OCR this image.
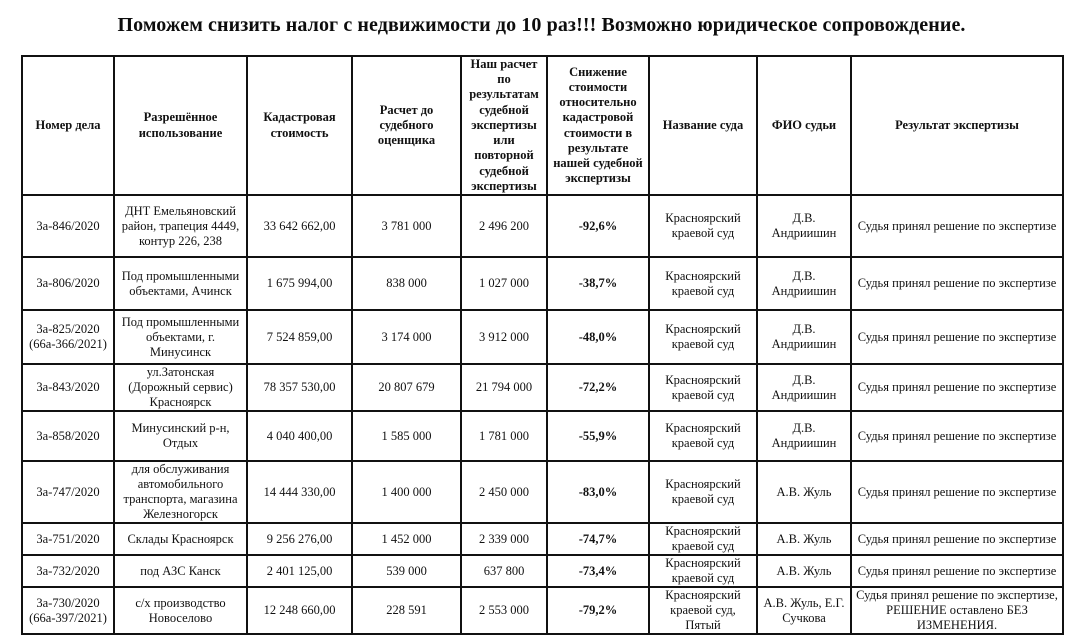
Поможем снизить налог с недвижимости до 10 раз!!! Возможно юридическое сопровождение.
Номер дела	Разрешённое использование	Кадастровая стоимость	Расчет до судебного оценщика	Наш расчет по результатам судебной экспертизы или повторной судебной экспертизы	Снижение стоимости относительно кадастровой стоимости в результате нашей судебной экспертизы	Название суда	ФИО судьи	Результат экспертизы
3а-846/2020	ДНТ Емельяновский район, трапеция 4449, контур 226, 238	33 642 662,00	3 781 000	2 496 200	-92,6%	Красноярский краевой суд	Д.В. Андриишин	Судья принял решение по экспертизе
3а-806/2020	Под промышленными объектами, Ачинск	1 675 994,00	838 000	1 027 000	-38,7%	Красноярский краевой суд	Д.В. Андриишин	Судья принял решение по экспертизе
3а-825/2020 (66а-366/2021)	Под промышленными объектами, г. Минусинск	7 524 859,00	3 174 000	3 912 000	-48,0%	Красноярский краевой суд	Д.В. Андриишин	Судья принял решение по экспертизе
3а-843/2020	ул.Затонская (Дорожный сервис) Красноярск	78 357 530,00	20 807 679	21 794 000	-72,2%	Красноярский краевой суд	Д.В. Андриишин	Судья принял решение по экспертизе
3а-858/2020	Минусинский р-н, Отдых	4 040 400,00	1 585 000	1 781 000	-55,9%	Красноярский краевой суд	Д.В. Андриишин	Судья принял решение по экспертизе
3а-747/2020	для обслуживания автомобильного транспорта, магазина Железногорск	14 444 330,00	1 400 000	2 450 000	-83,0%	Красноярский краевой суд	А.В. Жуль	Судья принял решение по экспертизе
3а-751/2020	Склады Красноярск	9 256 276,00	1 452 000	2 339 000	-74,7%	Красноярский краевой суд	А.В. Жуль	Судья принял решение по экспертизе
3а-732/2020	под АЗС Канск	2 401 125,00	539 000	637 800	-73,4%	Красноярский краевой суд	А.В. Жуль	Судья принял решение по экспертизе
3а-730/2020 (66а-397/2021)	с/х производство Новоселово	12 248 660,00	228 591	2 553 000	-79,2%	Красноярский краевой суд, Пятый	А.В. Жуль, Е.Г. Сучкова	Судья принял решение по экспертизе, РЕШЕНИЕ оставлено БЕЗ ИЗМЕНЕНИЯ.
